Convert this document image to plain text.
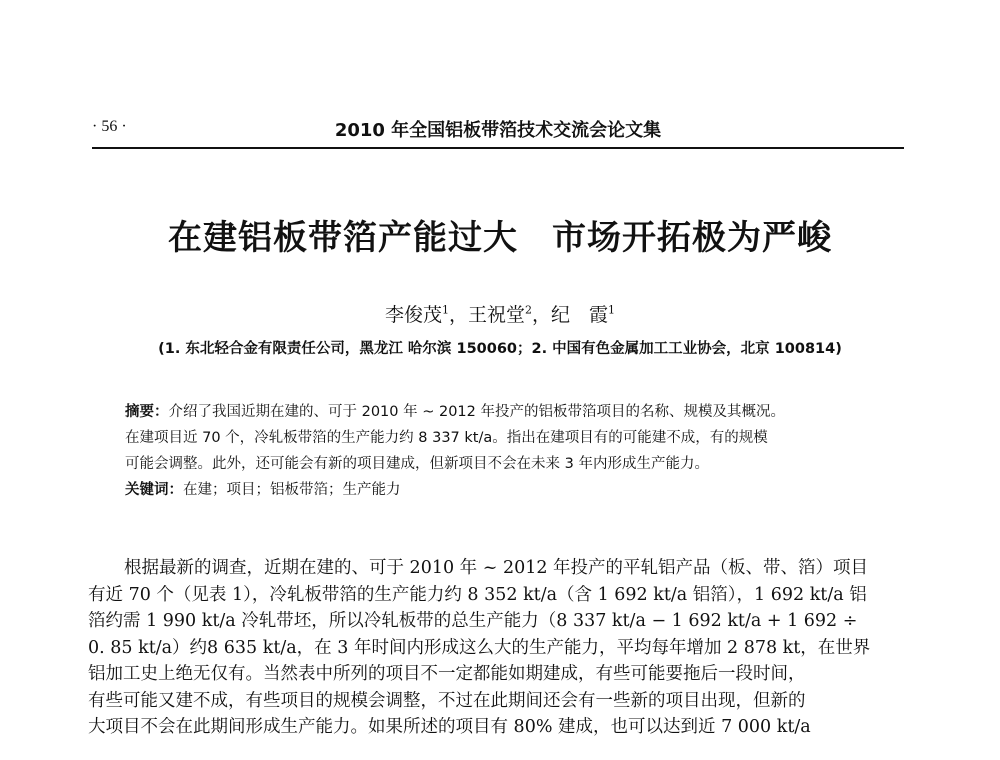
· 56 ·	2010 年全国铝板带箔技术交流会论文集
在建铝板带箔产能过大 市场开拓极为严峻
李俊茂$^1$，王祝堂$^2$，纪　霞$^1$
(1. 东北轻合金有限责任公司，黑龙江 哈尔滨 150060；2. 中国有色金属加工工业协会，北京 100814)

摘要：介绍了我国近期在建的、可于 2010 年 ~ 2012 年投产的铝板带箔项目的名称、规模及其概况。

在建项目近 70 个，冷轧板带箔的生产能力约 8 337 kt/a。指出在建项目有的可能建不成，有的规模

可能会调整。此外，还可能会有新的项目建成，但新项目不会在未来 3 年内形成生产能力。

关键词：在建；项目；铝板带箔；生产能力

根据最新的调查，近期在建的、可于 2010 年 ~ 2012 年投产的平轧铝产品（板、带、箔）项目

有近 70 个（见表 1），冷轧板带箔的生产能力约 8 352 kt/a（含 1 692 kt/a 铝箔），1 692 kt/a 铝

箔约需 1 990 kt/a 冷轧带坯，所以冷轧板带的总生产能力（8 337 kt/a − 1 692 kt/a + 1 692 ÷

0. 85 kt/a）约8 635 kt/a，在 3 年时间内形成这么大的生产能力，平均每年增加 2 878 kt，在世界

铝加工史上绝无仅有。当然表中所列的项目不一定都能如期建成，有些可能要拖后一段时间，

有些可能又建不成，有些项目的规模会调整，不过在此期间还会有一些新的项目出现，但新的

大项目不会在此期间形成生产能力。如果所述的项目有 80% 建成，也可以达到近 7 000 kt/a
